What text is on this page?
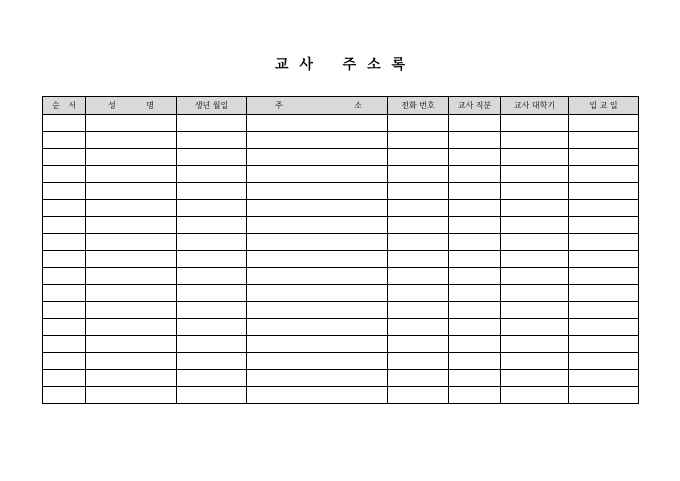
교 사 주 소 록
순 서	성 명	생년 월일	주 소	전화 번호	교사 직분	교사 대학기	입 교 일
